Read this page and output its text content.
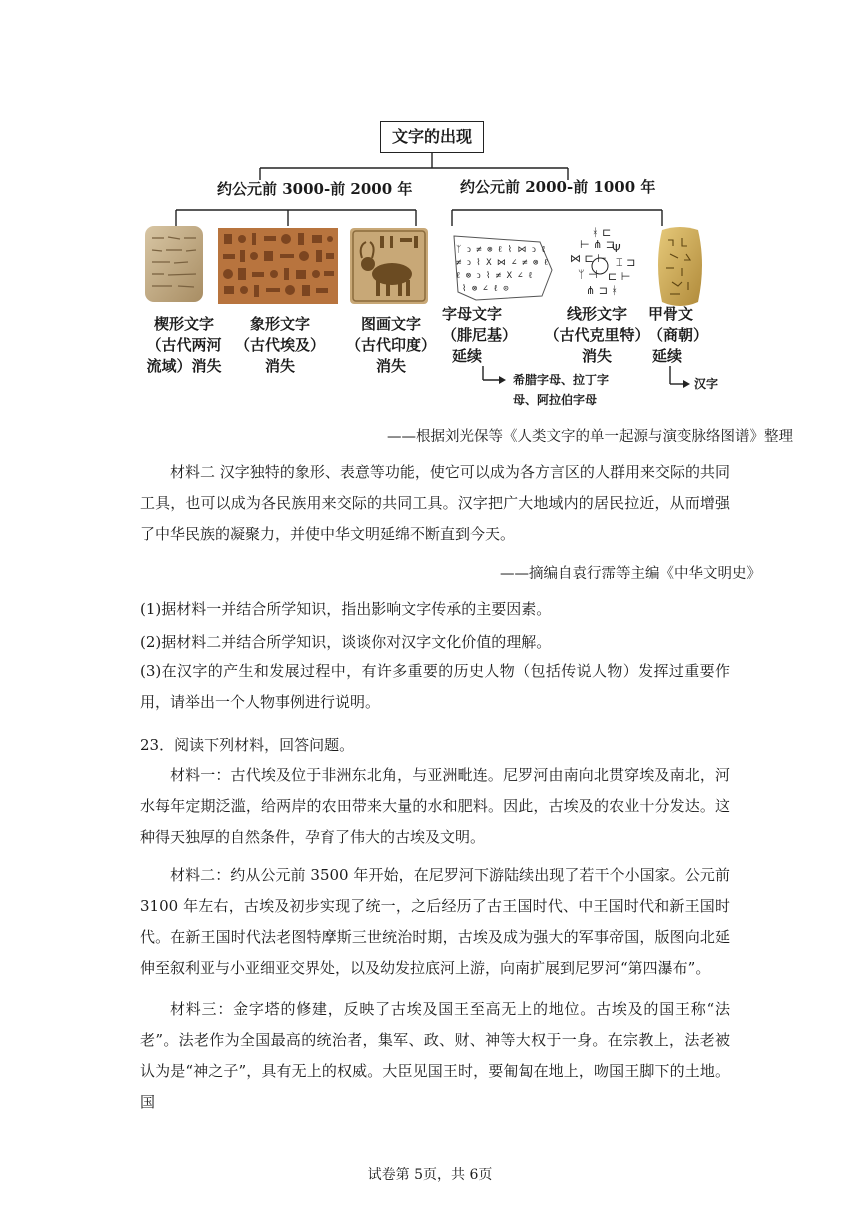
文字的出现
约公元前 3000-前 2000 年	约公元前 2000-前 1000 年
ᛉ ↄ ≠ ⊗ ℓ ⌇ ⋈ ↄ ℓ
≠ ↄ ⌇ X ⋈ ∠ ≠ ⊗ ℓ
ℓ ⊗ ↄ ⌇ ≠ X ∠ ℓ
⌇ ⊗ ∠ ℓ ⊙
ᚼ ⊏
⊢ ⋔ ⊐
Ψ
⋈ ⊏ ⊢ ⌶ ⊐
ᛘ ⊣ ⊏ ⊢
⋔ ⊐ ᚼ
楔形文字
（古代两河
流域）消失
象形文字
（古代埃及）
消失
图画文字
（古代印度）
消失
字母文字
（腓尼基）
延续
线形文字
（古代克里特）
消失
甲骨文
（商朝）
延续
希腊字母、拉丁字
母、阿拉伯字母
汉字
——根据刘光保等《人类文字的单一起源与演变脉络图谱》整理
材料二 汉字独特的象形、表意等功能，使它可以成为各方言区的人群用来交际的共同工具，也可以成为各民族用来交际的共同工具。汉字把广大地域内的居民拉近，从而增强了中华民族的凝聚力，并使中华文明延绵不断直到今天。
——摘编自袁行霈等主编《中华文明史》
(1)据材料一并结合所学知识，指出影响文字传承的主要因素。
(2)据材料二并结合所学知识，谈谈你对汉字文化价值的理解。
(3)在汉字的产生和发展过程中，有许多重要的历史人物（包括传说人物）发挥过重要作用，请举出一个人物事例进行说明。
23．阅读下列材料，回答问题。
材料一：古代埃及位于非洲东北角，与亚洲毗连。尼罗河由南向北贯穿埃及南北，河水每年定期泛滥，给两岸的农田带来大量的水和肥料。因此，古埃及的农业十分发达。这种得天独厚的自然条件，孕育了伟大的古埃及文明。
材料二：约从公元前 3500 年开始，在尼罗河下游陆续出现了若干个小国家。公元前 3100 年左右，古埃及初步实现了统一，之后经历了古王国时代、中王国时代和新王国时代。在新王国时代法老图特摩斯三世统治时期，古埃及成为强大的军事帝国，版图向北延伸至叙利亚与小亚细亚交界处，以及幼发拉底河上游，向南扩展到尼罗河“第四瀑布”。
材料三：金字塔的修建，反映了古埃及国王至高无上的地位。古埃及的国王称“法老”。法老作为全国最高的统治者，集军、政、财、神等大权于一身。在宗教上，法老被认为是“神之子”，具有无上的权威。大臣见国王时，要匍匐在地上，吻国王脚下的土地。国
试卷第 5页，共 6页
